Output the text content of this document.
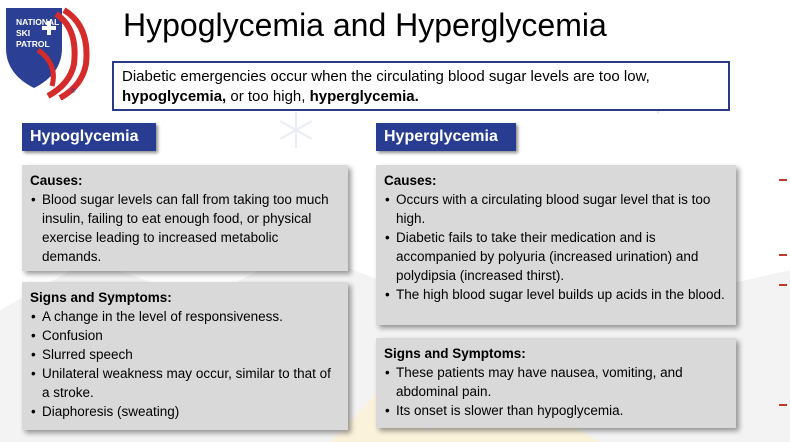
NATIONAL
SKI
PATROL
®
Hypoglycemia and Hyperglycemia
Diabetic emergencies occur when the circulating blood sugar levels are too low, hypoglycemia, or too high, hyperglycemia.
Hypoglycemia
Causes:
• Blood sugar levels can fall from taking too much insulin, failing to eat enough food, or physical exercise leading to increased metabolic demands.
Signs and Symptoms:
• A change in the level of responsiveness.
• Confusion
• Slurred speech
• Unilateral weakness may occur, similar to that of a stroke.
• Diaphoresis (sweating)
Hyperglycemia
Causes:
• Occurs with a circulating blood sugar level that is too high.
• Diabetic fails to take their medication and is accompanied by polyuria (increased urination) and polydipsia (increased thirst).
• The high blood sugar level builds up acids in the blood.
Signs and Symptoms:
• These patients may have nausea, vomiting, and abdominal pain.
• Its onset is slower than hypoglycemia.
